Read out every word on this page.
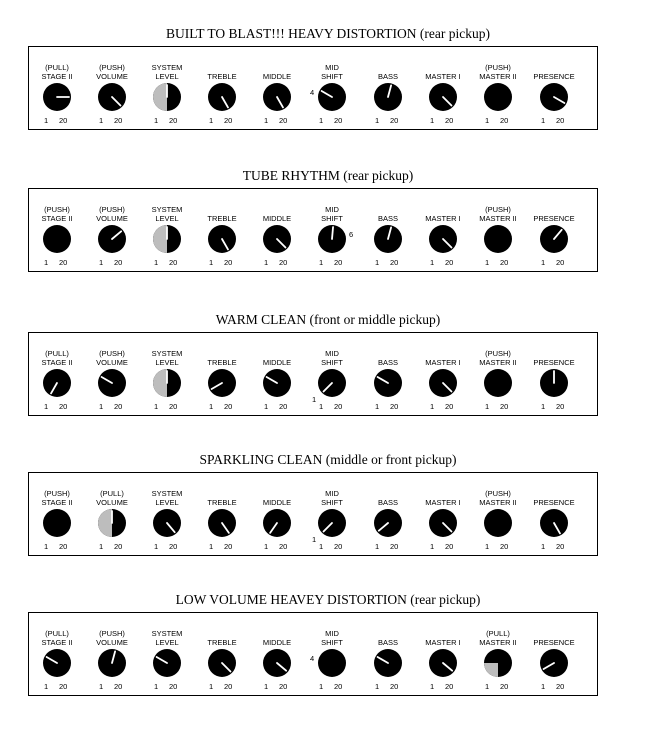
BUILT TO BLAST!!! HEAVY DISTORTION (rear pickup)
(PULL)
STAGE II
1 20
(PUSH)
VOLUME
1 20
SYSTEM
LEVEL
1 20
TREBLE
1 20
MIDDLE
1 20
MID
SHIFT
4
1 20
BASS
1 20
MASTER I
1 20
(PUSH)
MASTER II
1 20
PRESENCE
1 20
TUBE RHYTHM (rear pickup)
(PUSH)
STAGE II
1 20
(PUSH)
VOLUME
1 20
SYSTEM
LEVEL
1 20
TREBLE
1 20
MIDDLE
1 20
MID
SHIFT
6
1 20
BASS
1 20
MASTER I
1 20
(PUSH)
MASTER II
1 20
PRESENCE
1 20
WARM CLEAN (front or middle pickup)
(PULL)
STAGE II
1 20
(PUSH)
VOLUME
1 20
SYSTEM
LEVEL
1 20
TREBLE
1 20
MIDDLE
1 20
MID
SHIFT
1
1 20
BASS
1 20
MASTER I
1 20
(PUSH)
MASTER II
1 20
PRESENCE
1 20
SPARKLING CLEAN (middle or front pickup)
(PUSH)
STAGE II
1 20
(PULL)
VOLUME
1 20
SYSTEM
LEVEL
1 20
TREBLE
1 20
MIDDLE
1 20
MID
SHIFT
1
1 20
BASS
1 20
MASTER I
1 20
(PUSH)
MASTER II
1 20
PRESENCE
1 20
LOW VOLUME HEAVEY DISTORTION (rear pickup)
(PULL)
STAGE II
1 20
(PUSH)
VOLUME
1 20
SYSTEM
LEVEL
1 20
TREBLE
1 20
MIDDLE
1 20
MID
SHIFT
4
1 20
BASS
1 20
MASTER I
1 20
(PULL)
MASTER II
1 20
PRESENCE
1 20
